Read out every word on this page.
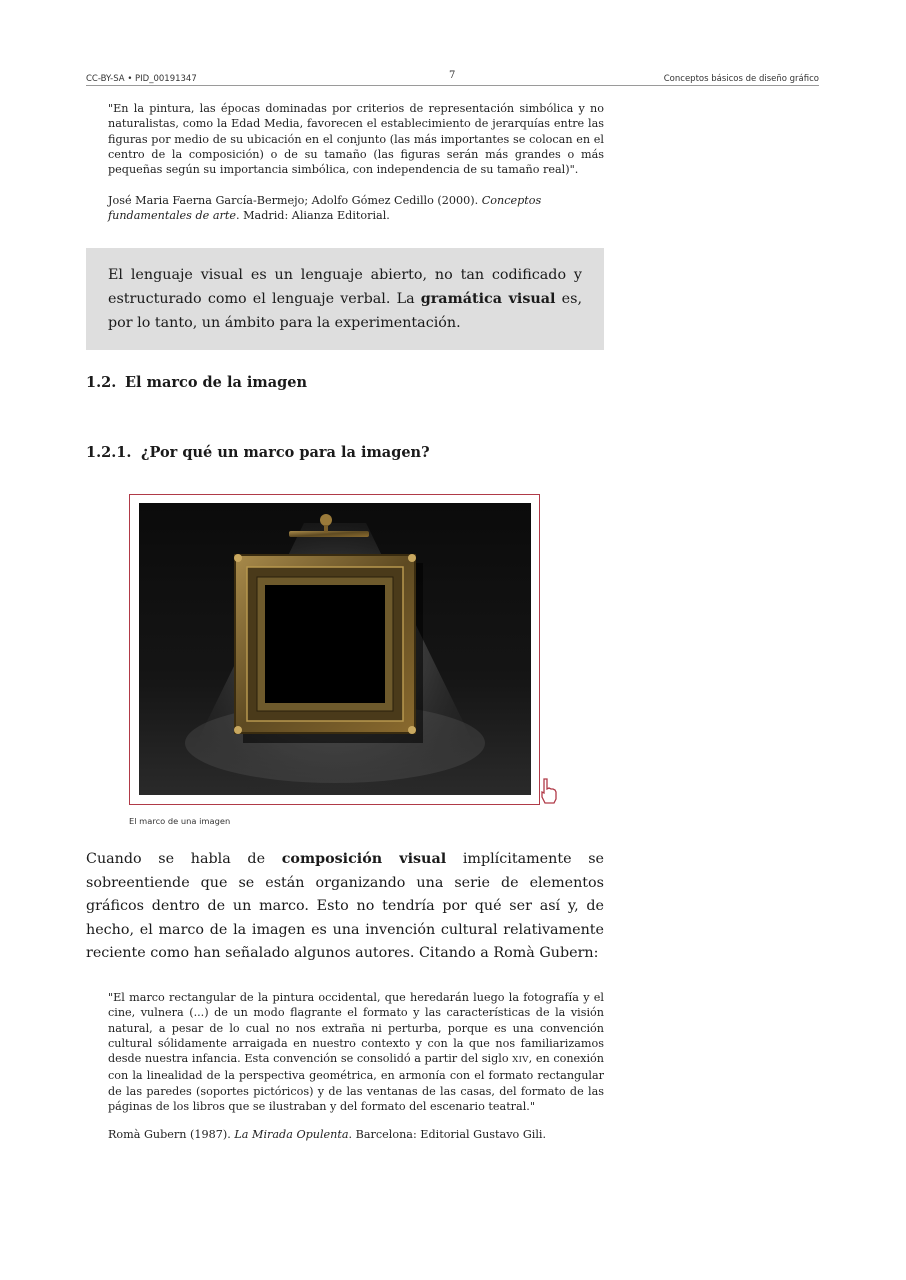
CC-BY-SA • PID_00191347	7	Conceptos básicos de diseño gráfico

"En la pintura, las épocas dominadas por criterios de representación simbólica y no naturalistas, como la Edad Media, favorecen el establecimiento de jerarquías entre las figuras por medio de su ubicación en el conjunto (las más importantes se colocan en el centro de la composición) o de su tamaño (las figuras serán más grandes o más pequeñas según su importancia simbólica, con independencia de su tamaño real)".

José Maria Faerna García-Bermejo; Adolfo Gómez Cedillo (2000). Conceptos fundamentales de arte. Madrid: Alianza Editorial.

El lenguaje visual es un lenguaje abierto, no tan codificado y estructurado como el lenguaje verbal. La gramática visual es, por lo tanto, un ámbito para la experimentación.

1.2. El marco de la imagen
1.2.1. ¿Por qué un marco para la imagen?
El marco de una imagen

Cuando se habla de composición visual implícitamente se sobreentiende que se están organizando una serie de elementos gráficos dentro de un marco. Esto no tendría por qué ser así y, de hecho, el marco de la imagen es una invención cultural relativamente reciente como han señalado algunos autores. Citando a Romà Gubern:

"El marco rectangular de la pintura occidental, que heredarán luego la fotografía y el cine, vulnera (...) de un modo flagrante el formato y las características de la visión natural, a pesar de lo cual no nos extraña ni perturba, porque es una convención cultural sólidamente arraigada en nuestro contexto y con la que nos familiarizamos desde nuestra infancia. Esta convención se consolidó a partir del siglo XIV, en conexión con la linealidad de la perspectiva geométrica, en armonía con el formato rectangular de las paredes (soportes pictóricos) y de las ventanas de las casas, del formato de las páginas de los libros que se ilustraban y del formato del escenario teatral."

Romà Gubern (1987). La Mirada Opulenta. Barcelona: Editorial Gustavo Gili.
